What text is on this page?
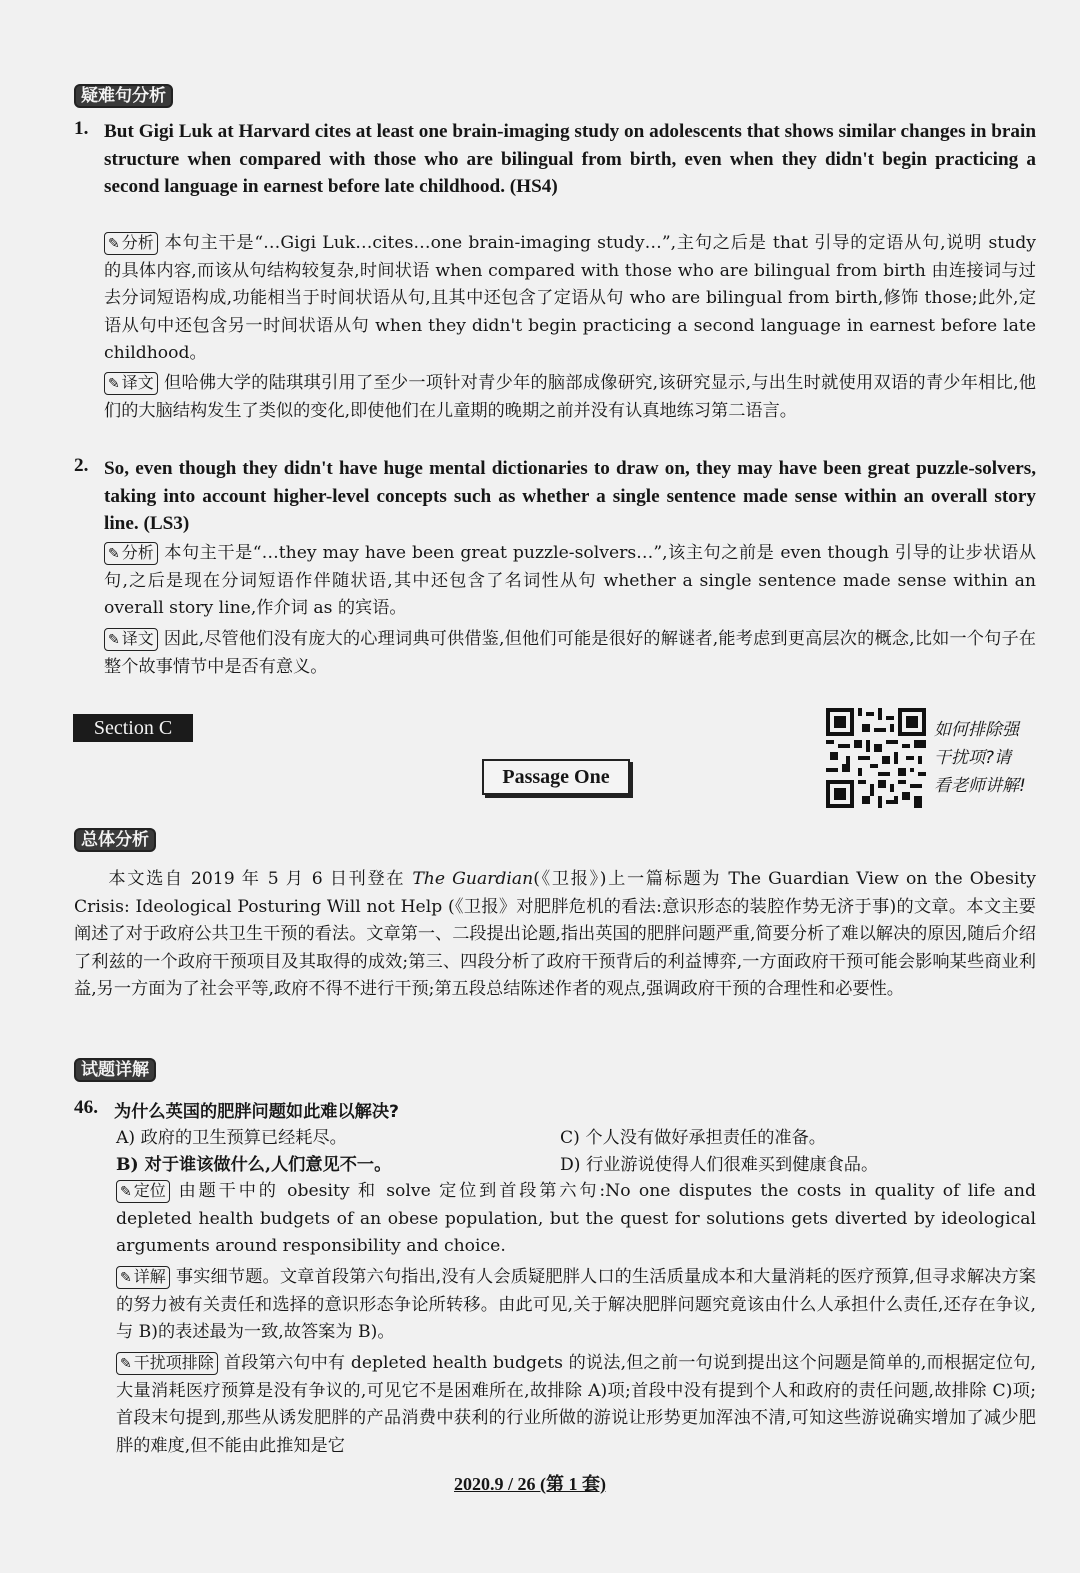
疑难句分析
1. But Gigi Luk at Harvard cites at least one brain-imaging study on adolescents that shows similar changes in brain structure when compared with those who are bilingual from birth, even when they didn't begin practicing a second language in earnest before late childhood. (HS4)
✎ 分析 本句主干是“…Gigi Luk…cites…one brain-imaging study…”,主句之后是 that 引导的定语从句,说明 study 的具体内容,而该从句结构较复杂,时间状语 when compared with those who are bilingual from birth 由连接词与过去分词短语构成,功能相当于时间状语从句,且其中还包含了定语从句 who are bilingual from birth,修饰 those;此外,定语从句中还包含另一时间状语从句 when they didn't begin practicing a second language in earnest before late childhood。
✎ 译文 但哈佛大学的陆琪琪引用了至少一项针对青少年的脑部成像研究,该研究显示,与出生时就使用双语的青少年相比,他们的大脑结构发生了类似的变化,即使他们在儿童期的晚期之前并没有认真地练习第二语言。
2. So, even though they didn't have huge mental dictionaries to draw on, they may have been great puzzle-solvers, taking into account higher-level concepts such as whether a single sentence made sense within an overall story line. (LS3)
✎ 分析 本句主干是“…they may have been great puzzle-solvers…”,该主句之前是 even though 引导的让步状语从句,之后是现在分词短语作伴随状语,其中还包含了名词性从句 whether a single sentence made sense within an overall story line,作介词 as 的宾语。
✎ 译文 因此,尽管他们没有庞大的心理词典可供借鉴,但他们可能是很好的解谜者,能考虑到更高层次的概念,比如一个句子在整个故事情节中是否有意义。
Section C
Passage One
如何排除强
干扰项?请
看老师讲解!
总体分析
本文选自 2019 年 5 月 6 日刊登在 The Guardian(《卫报》)上一篇标题为 The Guardian View on the Obesity Crisis: Ideological Posturing Will not Help (《卫报》对肥胖危机的看法:意识形态的装腔作势无济于事)的文章。本文主要阐述了对于政府公共卫生干预的看法。文章第一、二段提出论题,指出英国的肥胖问题严重,简要分析了难以解决的原因,随后介绍了利兹的一个政府干预项目及其取得的成效;第三、四段分析了政府干预背后的利益博弈,一方面政府干预可能会影响某些商业利益,另一方面为了社会平等,政府不得不进行干预;第五段总结陈述作者的观点,强调政府干预的合理性和必要性。
试题详解
46. 为什么英国的肥胖问题如此难以解决?
A) 政府的卫生预算已经耗尽。	C) 个人没有做好承担责任的准备。
B) 对于谁该做什么,人们意见不一。	D) 行业游说使得人们很难买到健康食品。
✎ 定位 由题干中的 obesity 和 solve 定位到首段第六句:No one disputes the costs in quality of life and depleted health budgets of an obese population, but the quest for solutions gets diverted by ideological arguments around responsibility and choice.
✎ 详解 事实细节题。文章首段第六句指出,没有人会质疑肥胖人口的生活质量成本和大量消耗的医疗预算,但寻求解决方案的努力被有关责任和选择的意识形态争论所转移。由此可见,关于解决肥胖问题究竟该由什么人承担什么责任,还存在争议,与 B)的表述最为一致,故答案为 B)。
✎ 干扰项排除 首段第六句中有 depleted health budgets 的说法,但之前一句说到提出这个问题是简单的,而根据定位句,大量消耗医疗预算是没有争议的,可见它不是困难所在,故排除 A)项;首段中没有提到个人和政府的责任问题,故排除 C)项;首段末句提到,那些从诱发肥胖的产品消费中获利的行业所做的游说让形势更加浑浊不清,可知这些游说确实增加了减少肥胖的难度,但不能由此推知是它
2020.9 / 26 (第 1 套)
